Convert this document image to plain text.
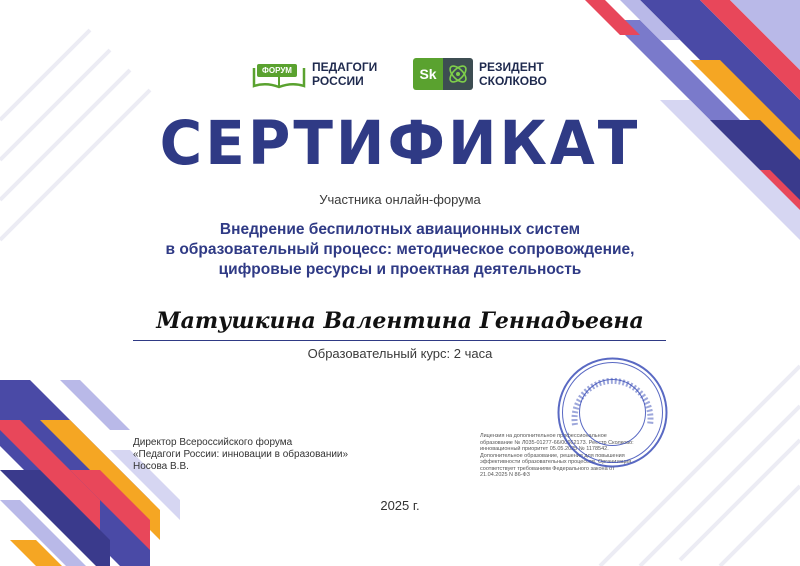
ФОРУМ	ПЕДАГОГИ
РОССИИ	Sk	РЕЗИДЕНТ
СКОЛКОВО
СЕРТИФИКАТ
Участника онлайн-форума
Внедрение беспилотных авиационных систем
в образовательный процесс: методическое сопровождение,
цифровые ресурсы и проектная деятельность
Матушкина Валентина Геннадьевна
Образовательный курс: 2 часа
Директор Всероссийского форума
«Педагоги России: инновации в образовании»
Носова В.В.
Лицензия на дополнительное профессиональное образование № Л035-01277-66/00662173. Реестр Сколково: инновационный приоритет 05.05.2025 № 1178542. Дополнительное образование, решения для повышения эффективности образовательных процессов. Организация соответствует требованиям Федерального закона от 21.04.2025 N 86-ФЗ
2025 г.
